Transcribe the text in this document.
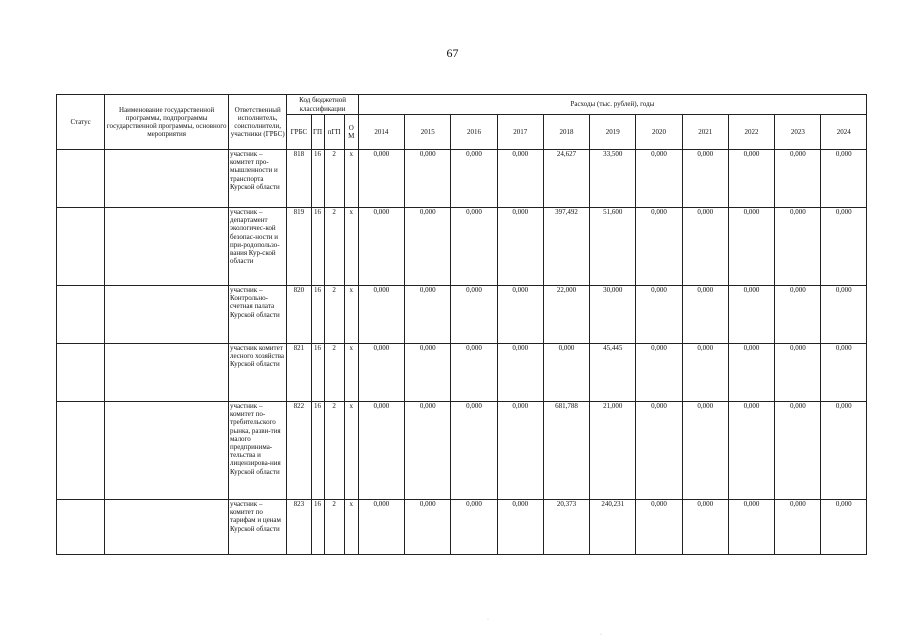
67
Статус	Наименование государственной программы, подпрограммы государственной программы, основного мероприятия	Ответственный исполнитель, соисполнители, участники (ГРБС)	Код бюджетной классификации				Расходы (тыс. рублей), годы										
			ГРБС	ГП	пГП	ОМ	2014	2015	2016	2017	2018	2019	2020	2021	2022	2023	2024
		участник – комитет про-мышленности и транспорта Курской области	818	16	2	х	0,000	0,000	0,000	0,000	24,627	33,500	0,000	0,000	0,000	0,000	0,000
		участник – департамент экологичес-кой безопас-ности и при-родопользо-вания Кур-ской области	819	16	2	х	0,000	0,000	0,000	0,000	397,492	51,600	0,000	0,000	0,000	0,000	0,000
		участник – Контрольно-счетная палата Курской области	820	16	2	х	0,000	0,000	0,000	0,000	22,000	30,000	0,000	0,000	0,000	0,000	0,000
		участник комитет лесного хозяйства Курской области	821	16	2	х	0,000	0,000	0,000	0,000	0,000	45,445	0,000	0,000	0,000	0,000	0,000
		участник – комитет по-требительского рынка, разви-тия малого предпринима-тельства и лицензирова-ния Курской области	822	16	2	х	0,000	0,000	0,000	0,000	681,788	21,000	0,000	0,000	0,000	0,000	0,000
		участник – комитет по тарифам и ценам Курской области	823	16	2	х	0,000	0,000	0,000	0,000	20,373	240,231	0,000	0,000	0,000	0,000	0,000
·
·
